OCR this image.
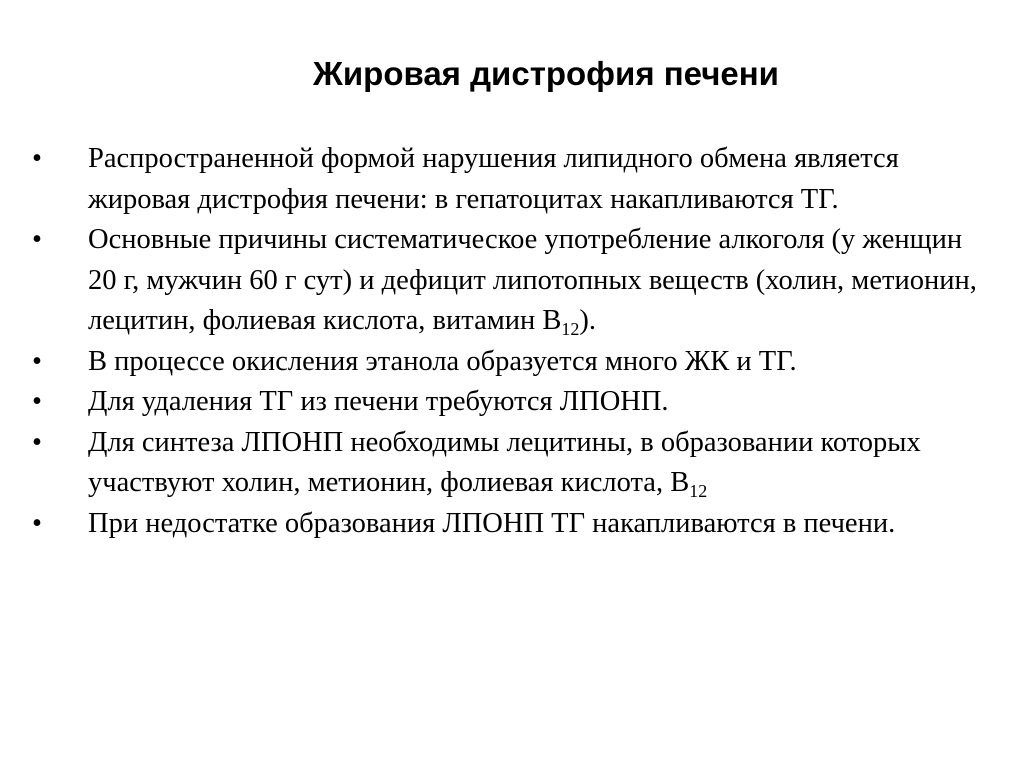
Жировая дистрофия печени
• Распространенной формой нарушения липидного обмена является жировая дистрофия печени: в гепатоцитах накапливаются ТГ.
• Основные причины систематическое употребление алкоголя (у женщин 20 г, мужчин 60 г сут) и дефицит липотопных веществ (холин, метионин, лецитин, фолиевая кислота, витамин $B_{12}$).
• В процессе окисления этанола образуется много ЖК и ТГ.
• Для удаления ТГ из печени требуются ЛПОНП.
• Для синтеза ЛПОНП необходимы лецитины, в образовании которых участвуют холин, метионин, фолиевая кислота, $B_{12}$
• При недостатке образования ЛПОНП ТГ накапливаются в печени.
